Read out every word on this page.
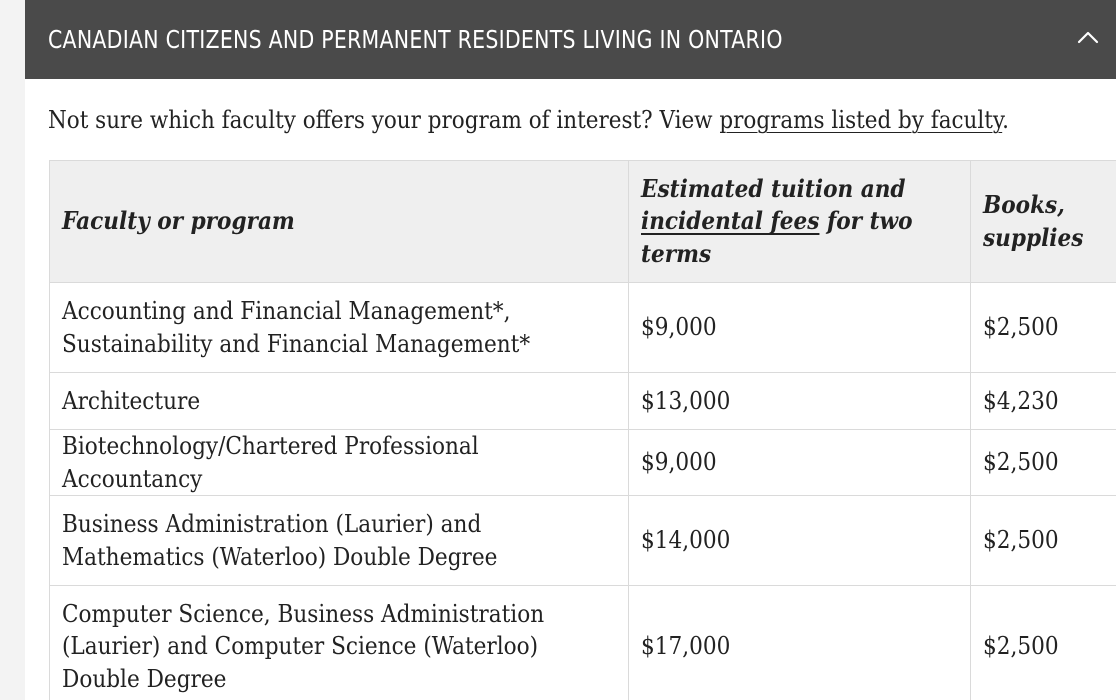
CANADIAN CITIZENS AND PERMANENT RESIDENTS LIVING IN ONTARIO

Not sure which faculty offers your program of interest? View programs listed by faculty.

Faculty or program	Estimated tuition and incidental fees for two terms	Books, supplies
Accounting and Financial Management*, Sustainability and Financial Management*	$9,000	$2,500
Architecture	$13,000	$4,230
Biotechnology/Chartered Professional Accountancy	$9,000	$2,500
Business Administration (Laurier) and Mathematics (Waterloo) Double Degree	$14,000	$2,500
Computer Science, Business Administration (Laurier) and Computer Science (Waterloo) Double Degree	$17,000	$2,500
